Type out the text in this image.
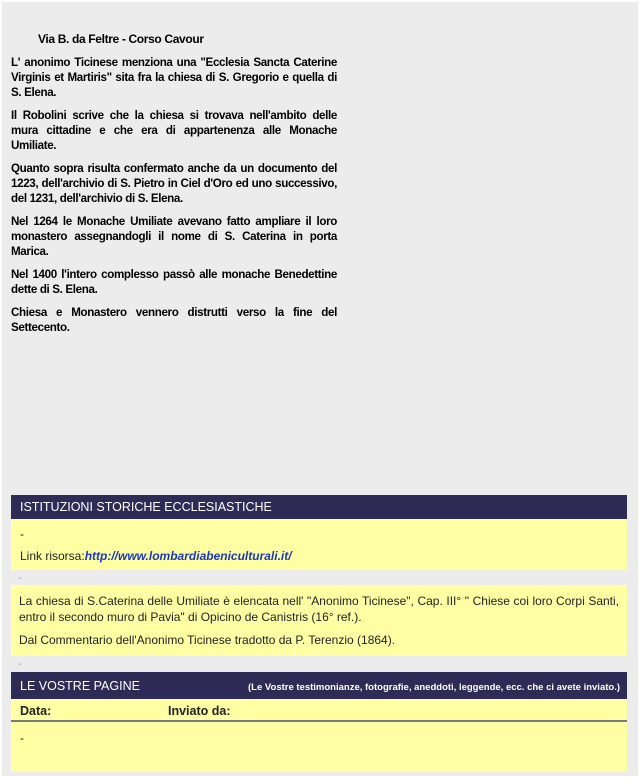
Via B. da Feltre - Corso Cavour

L' anonimo Ticinese menziona una "Ecclesia Sancta Caterine Virginis et Martiris" sita fra la chiesa di S. Gregorio e quella di S. Elena.

Il Robolini scrive che la chiesa si trovava nell'ambito delle mura cittadine e che era di appartenenza alle Monache Umiliate.

Quanto sopra risulta confermato anche da un documento del 1223, dell'archivio di S. Pietro in Ciel d'Oro ed uno successivo, del 1231, dell'archivio di S. Elena.

Nel 1264 le Monache Umiliate avevano fatto ampliare il loro monastero assegnandogli il nome di S. Caterina in porta Marica.

Nel 1400 l'intero complesso passò alle monache Benedettine dette di S. Elena.

Chiesa e Monastero vennero distrutti verso la fine del Settecento.

ISTITUZIONI STORICHE ECCLESIASTICHE
-
Link risorsa:http://www.lombardiabeniculturali.it/
-
La chiesa di S.Caterina delle Umiliate è elencata nell' "Anonimo Ticinese", Cap. III° " Chiese coi loro Corpi Santi, entro il secondo muro di Pavia" di Opicino de Canistris (16° ref.).
Dal Commentario dell'Anonimo Ticinese tradotto da P. Terenzio (1864).
-
LE VOSTRE PAGINE	(Le Vostre testimonianze, fotografie, aneddoti, leggende, ecc. che ci avete inviato.)
Data:	Inviato da:
-
